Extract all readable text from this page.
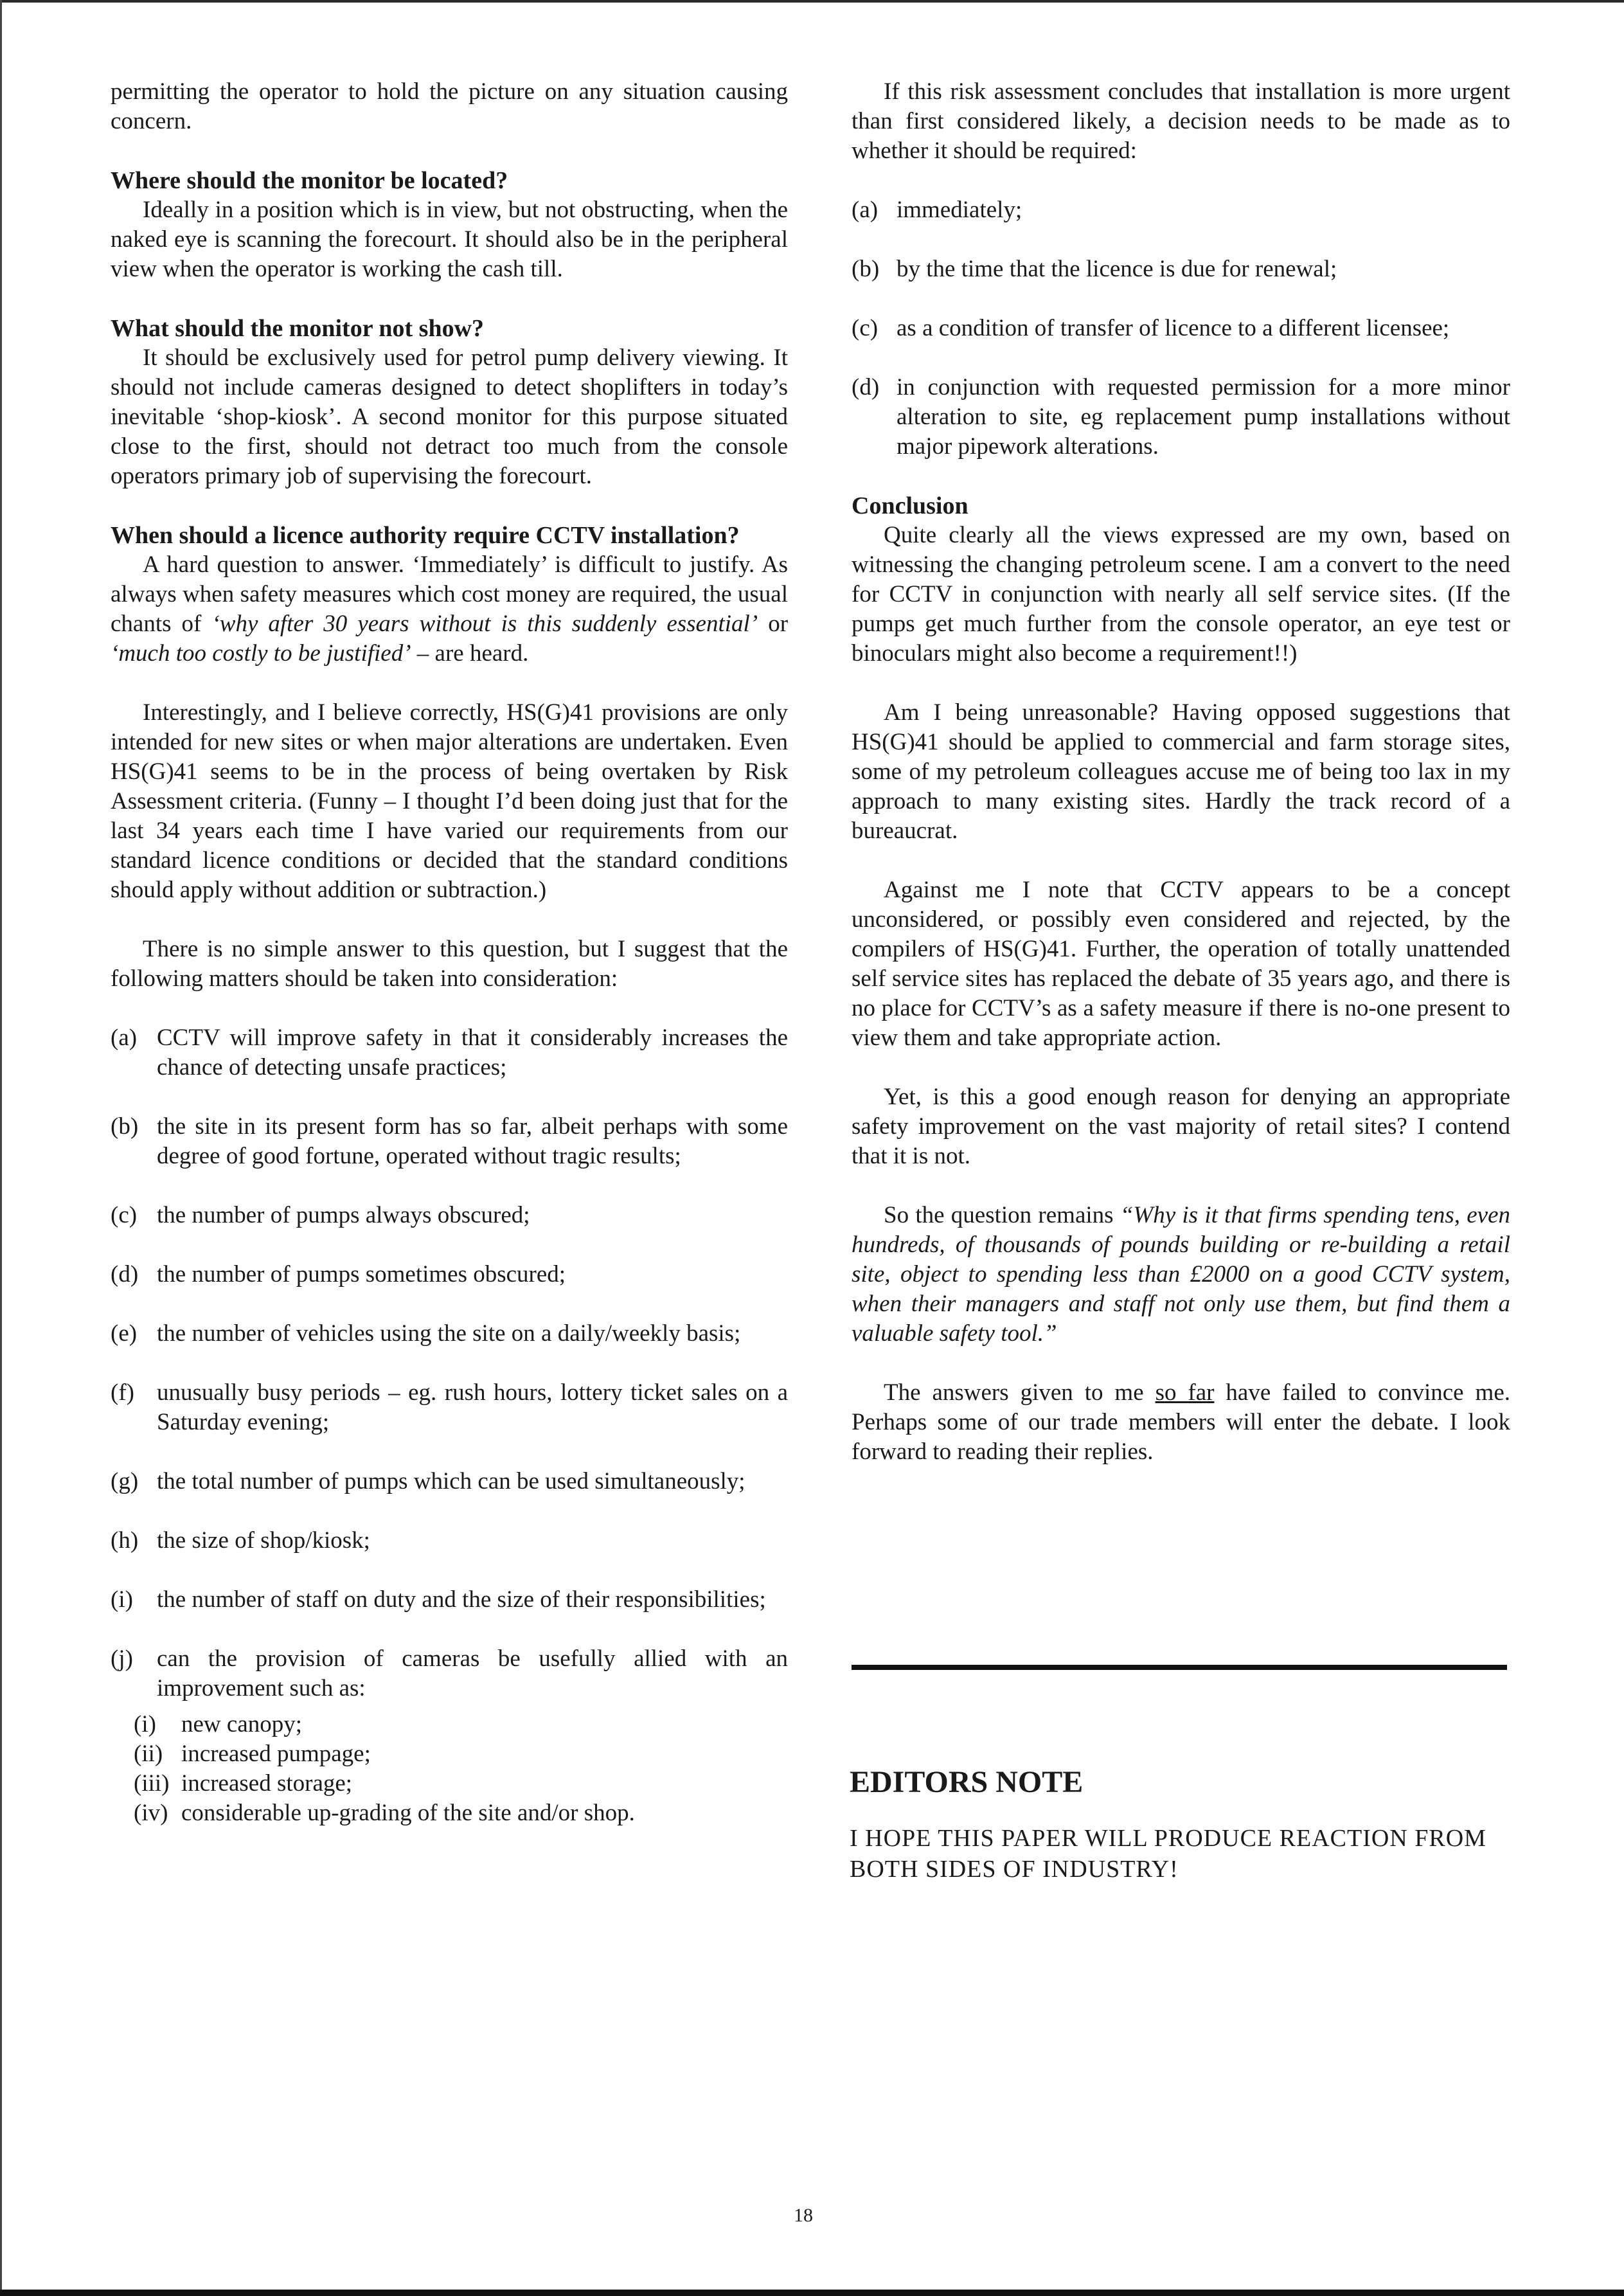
permitting the operator to hold the picture on any situation causing concern.

Where should the monitor be located?

Ideally in a position which is in view, but not obstructing, when the naked eye is scanning the forecourt. It should also be in the peripheral view when the operator is working the cash till.

What should the monitor not show?

It should be exclusively used for petrol pump delivery viewing. It should not include cameras designed to detect shoplifters in today’s inevitable ‘shop-kiosk’. A second monitor for this purpose situated close to the first, should not detract too much from the console operators primary job of supervising the forecourt.

When should a licence authority require CCTV installation?

A hard question to answer. ‘Immediately’ is difficult to justify. As always when safety measures which cost money are required, the usual chants of ‘why after 30 years without is this suddenly essential’ or ‘much too costly to be justified’ – are heard.

Interestingly, and I believe correctly, HS(G)41 provisions are only intended for new sites or when major alterations are undertaken. Even HS(G)41 seems to be in the process of being overtaken by Risk Assessment criteria. (Funny – I thought I’d been doing just that for the last 34 years each time I have varied our requirements from our standard licence conditions or decided that the standard conditions should apply without addition or subtraction.)

There is no simple answer to this question, but I suggest that the following matters should be taken into consideration:

(a) CCTV will improve safety in that it considerably increases the chance of detecting unsafe practices;
(b) the site in its present form has so far, albeit perhaps with some degree of good fortune, operated without tragic results;
(c) the number of pumps always obscured;
(d) the number of pumps sometimes obscured;
(e) the number of vehicles using the site on a daily/weekly basis;
(f) unusually busy periods – eg. rush hours, lottery ticket sales on a Saturday evening;
(g) the total number of pumps which can be used simultaneously;
(h) the size of shop/kiosk;
(i) the number of staff on duty and the size of their responsibilities;
(j) can the provision of cameras be usefully allied with an improvement such as:
(i) new canopy;
(ii) increased pumpage;
(iii) increased storage;
(iv) considerable up-grading of the site and/or shop.

If this risk assessment concludes that installation is more urgent than first considered likely, a decision needs to be made as to whether it should be required:

(a) immediately;
(b) by the time that the licence is due for renewal;
(c) as a condition of transfer of licence to a different licensee;
(d) in conjunction with requested permission for a more minor alteration to site, eg replacement pump installations without major pipework alterations.
Conclusion

Quite clearly all the views expressed are my own, based on witnessing the changing petroleum scene. I am a convert to the need for CCTV in conjunction with nearly all self service sites. (If the pumps get much further from the console operator, an eye test or binoculars might also become a requirement!!)

Am I being unreasonable? Having opposed suggestions that HS(G)41 should be applied to commercial and farm storage sites, some of my petroleum colleagues accuse me of being too lax in my approach to many existing sites. Hardly the track record of a bureaucrat.

Against me I note that CCTV appears to be a concept unconsidered, or possibly even considered and rejected, by the compilers of HS(G)41. Further, the operation of totally unattended self service sites has replaced the debate of 35 years ago, and there is no place for CCTV’s as a safety measure if there is no-one present to view them and take appropriate action.

Yet, is this a good enough reason for denying an appropriate safety improvement on the vast majority of retail sites? I contend that it is not.

So the question remains “Why is it that firms spending tens, even hundreds, of thousands of pounds building or re-building a retail site, object to spending less than £2000 on a good CCTV system, when their managers and staff not only use them, but find them a valuable safety tool.”

The answers given to me so far have failed to convince me. Perhaps some of our trade members will enter the debate. I look forward to reading their replies.

EDITORS NOTE

I HOPE THIS PAPER WILL PRODUCE REACTION FROM BOTH SIDES OF INDUSTRY!

18
